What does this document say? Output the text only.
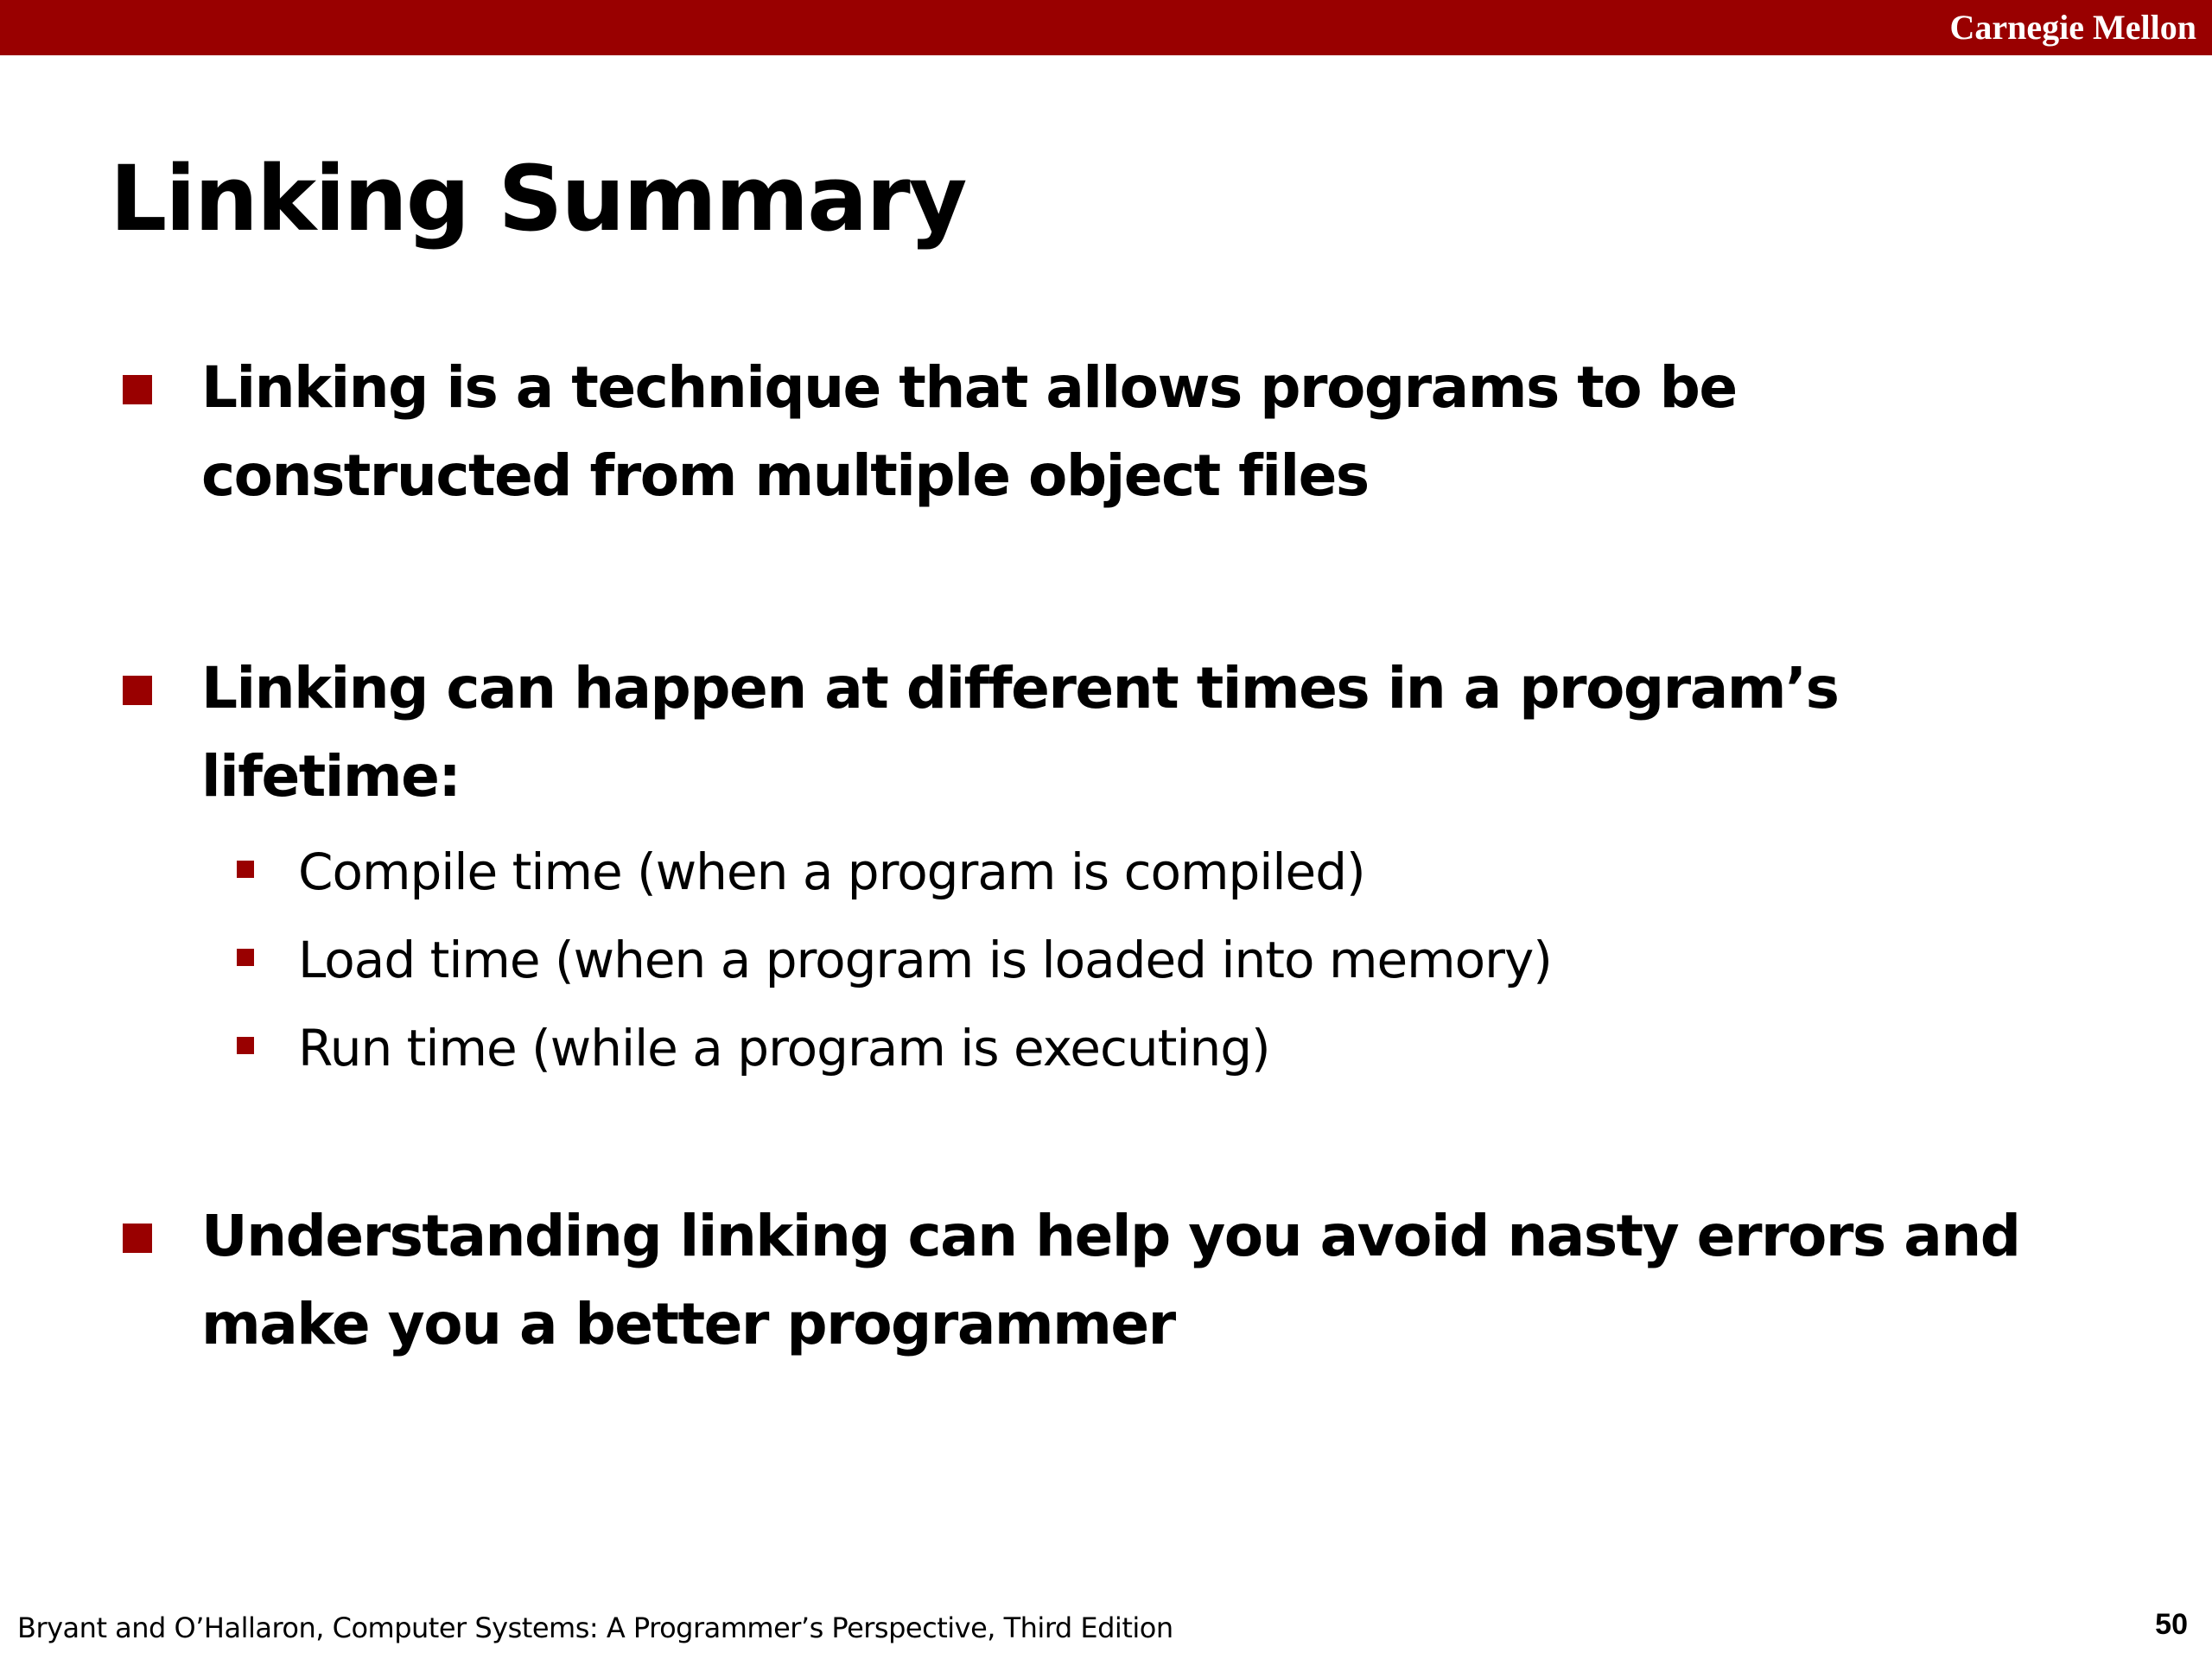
Carnegie Mellon
Linking Summary
Linking is a technique that allows programs to be
constructed from multiple object files
Linking can happen at different times in a program’s
lifetime:
Compile time (when a program is compiled)
Load time (when a program is loaded into memory)
Run time (while a program is executing)
Understanding linking can help you avoid nasty errors and
make you a better programmer
Bryant and O’Hallaron, Computer Systems: A Programmer’s Perspective, Third Edition	50
